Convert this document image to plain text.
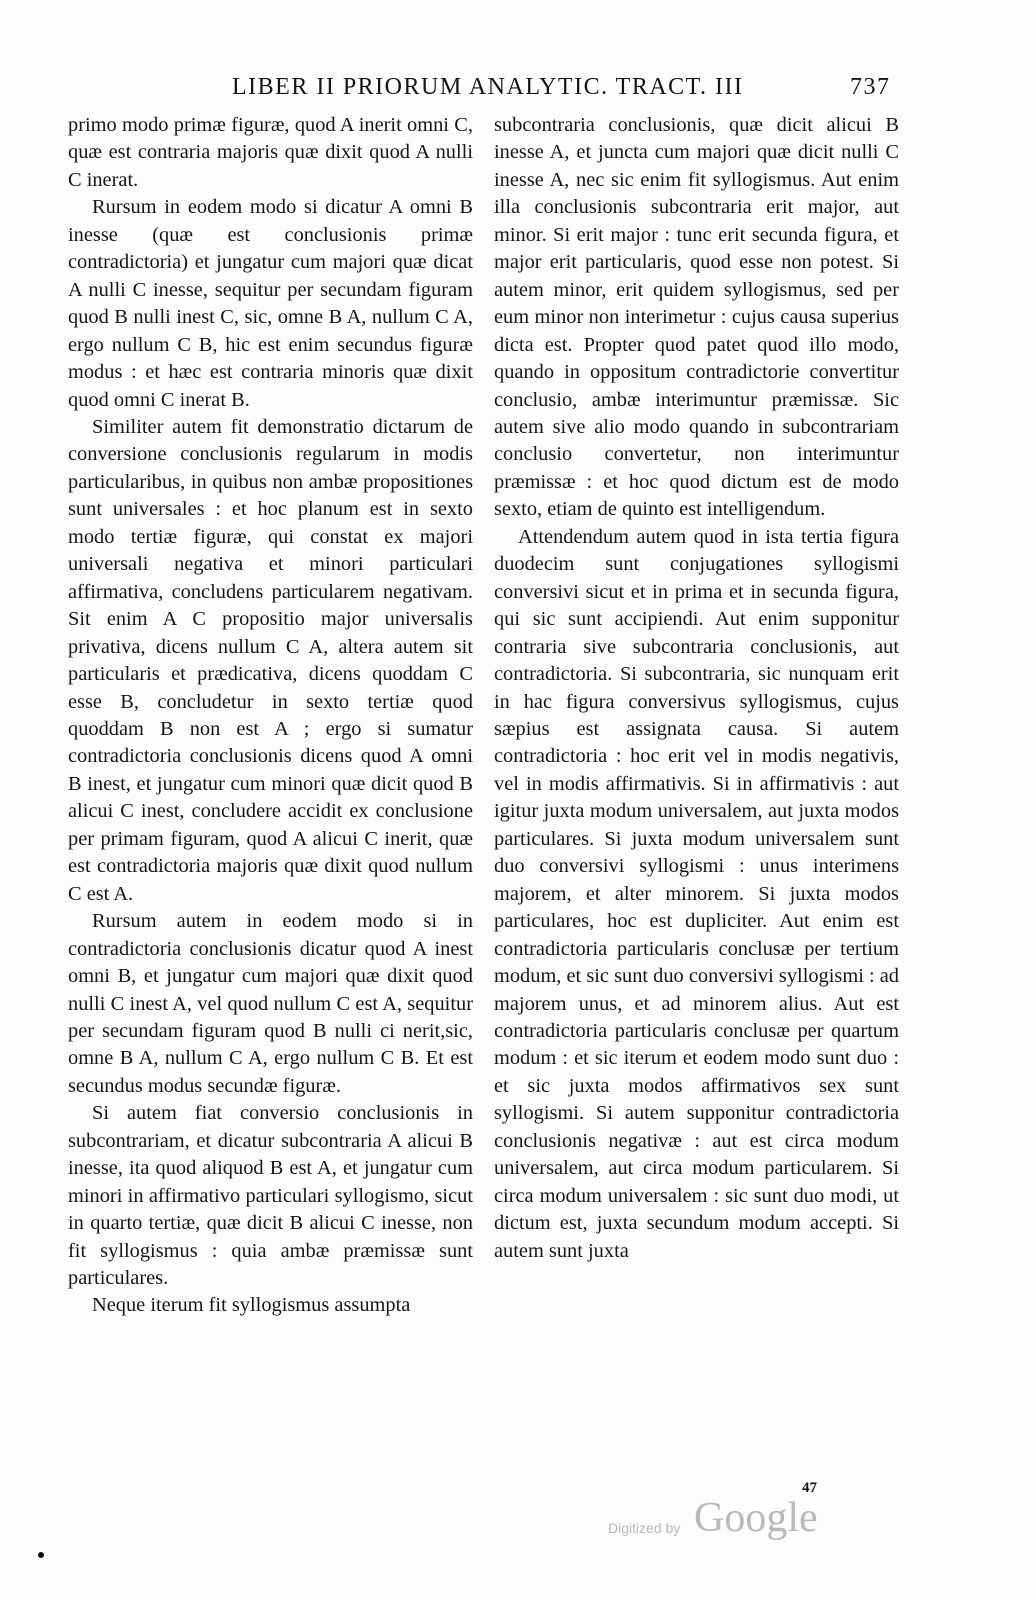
LIBER II PRIORUM ANALYTIC. TRACT. III	737

primo modo primæ figuræ, quod A inerit omni C, quæ est contraria majoris quæ dixit quod A nulli C inerat.

Rursum in eodem modo si dicatur A omni B inesse (quæ est conclusionis primæ contradictoria) et jungatur cum majori quæ dicat A nulli C inesse, sequitur per secundam figuram quod B nulli inest C, sic, omne B A, nullum C A, ergo nullum C B, hic est enim secundus figuræ modus : et hæc est contraria minoris quæ dixit quod omni C inerat B.

Similiter autem fit demonstratio dictarum de conversione conclusionis regularum in modis particularibus, in quibus non ambæ propositiones sunt universales : et hoc planum est in sexto modo tertiæ figuræ, qui constat ex majori universali negativa et minori particulari affirmativa, concludens particularem negativam. Sit enim A C propositio major universalis privativa, dicens nullum C A, altera autem sit particularis et prædicativa, dicens quoddam C esse B, concludetur in sexto tertiæ quod quoddam B non est A ; ergo si sumatur contradictoria conclusionis dicens quod A omni B inest, et jungatur cum minori quæ dicit quod B alicui C inest, concludere accidit ex conclusione per primam figuram, quod A alicui C inerit, quæ est contradictoria majoris quæ dixit quod nullum C est A.

Rursum autem in eodem modo si in contradictoria conclusionis dicatur quod A inest omni B, et jungatur cum majori quæ dixit quod nulli C inest A, vel quod nullum C est A, sequitur per secundam figuram quod B nulli ci nerit,sic, omne B A, nullum C A, ergo nullum C B. Et est secundus modus secundæ figuræ.

Si autem fiat conversio conclusionis in subcontrariam, et dicatur subcontraria A alicui B inesse, ita quod aliquod B est A, et jungatur cum minori in affirmativo particulari syllogismo, sicut in quarto tertiæ, quæ dicit B alicui C inesse, non fit syllogismus : quia ambæ præmissæ sunt particulares.

Neque iterum fit syllogismus assumpta

subcontraria conclusionis, quæ dicit alicui B inesse A, et juncta cum majori quæ dicit nulli C inesse A, nec sic enim fit syllogismus. Aut enim illa conclusionis subcontraria erit major, aut minor. Si erit major : tunc erit secunda figura, et major erit particularis, quod esse non potest. Si autem minor, erit quidem syllogismus, sed per eum minor non interimetur : cujus causa superius dicta est. Propter quod patet quod illo modo, quando in oppositum contradictorie convertitur conclusio, ambæ interimuntur præmissæ. Sic autem sive alio modo quando in subcontrariam conclusio convertetur, non interimuntur præmissæ : et hoc quod dictum est de modo sexto, etiam de quinto est intelligendum.

Attendendum autem quod in ista tertia figura duodecim sunt conjugationes syllogismi conversivi sicut et in prima et in secunda figura, qui sic sunt accipiendi. Aut enim supponitur contraria sive subcontraria conclusionis, aut contradictoria. Si subcontraria, sic nunquam erit in hac figura conversivus syllogismus, cujus sæpius est assignata causa. Si autem contradictoria : hoc erit vel in modis negativis, vel in modis affirmativis. Si in affirmativis : aut igitur juxta modum universalem, aut juxta modos particulares. Si juxta modum universalem sunt duo conversivi syllogismi : unus interimens majorem, et alter minorem. Si juxta modos particulares, hoc est dupliciter. Aut enim est contradictoria particularis conclusæ per tertium modum, et sic sunt duo conversivi syllogismi : ad majorem unus, et ad minorem alius. Aut est contradictoria particularis conclusæ per quartum modum : et sic iterum et eodem modo sunt duo : et sic juxta modos affirmativos sex sunt syllogismi. Si autem supponitur contradictoria conclusionis negativæ : aut est circa modum universalem, aut circa modum particularem. Si circa modum universalem : sic sunt duo modi, ut dictum est, juxta secundum modum accepti. Si autem sunt juxta

47
Digitized by Google
